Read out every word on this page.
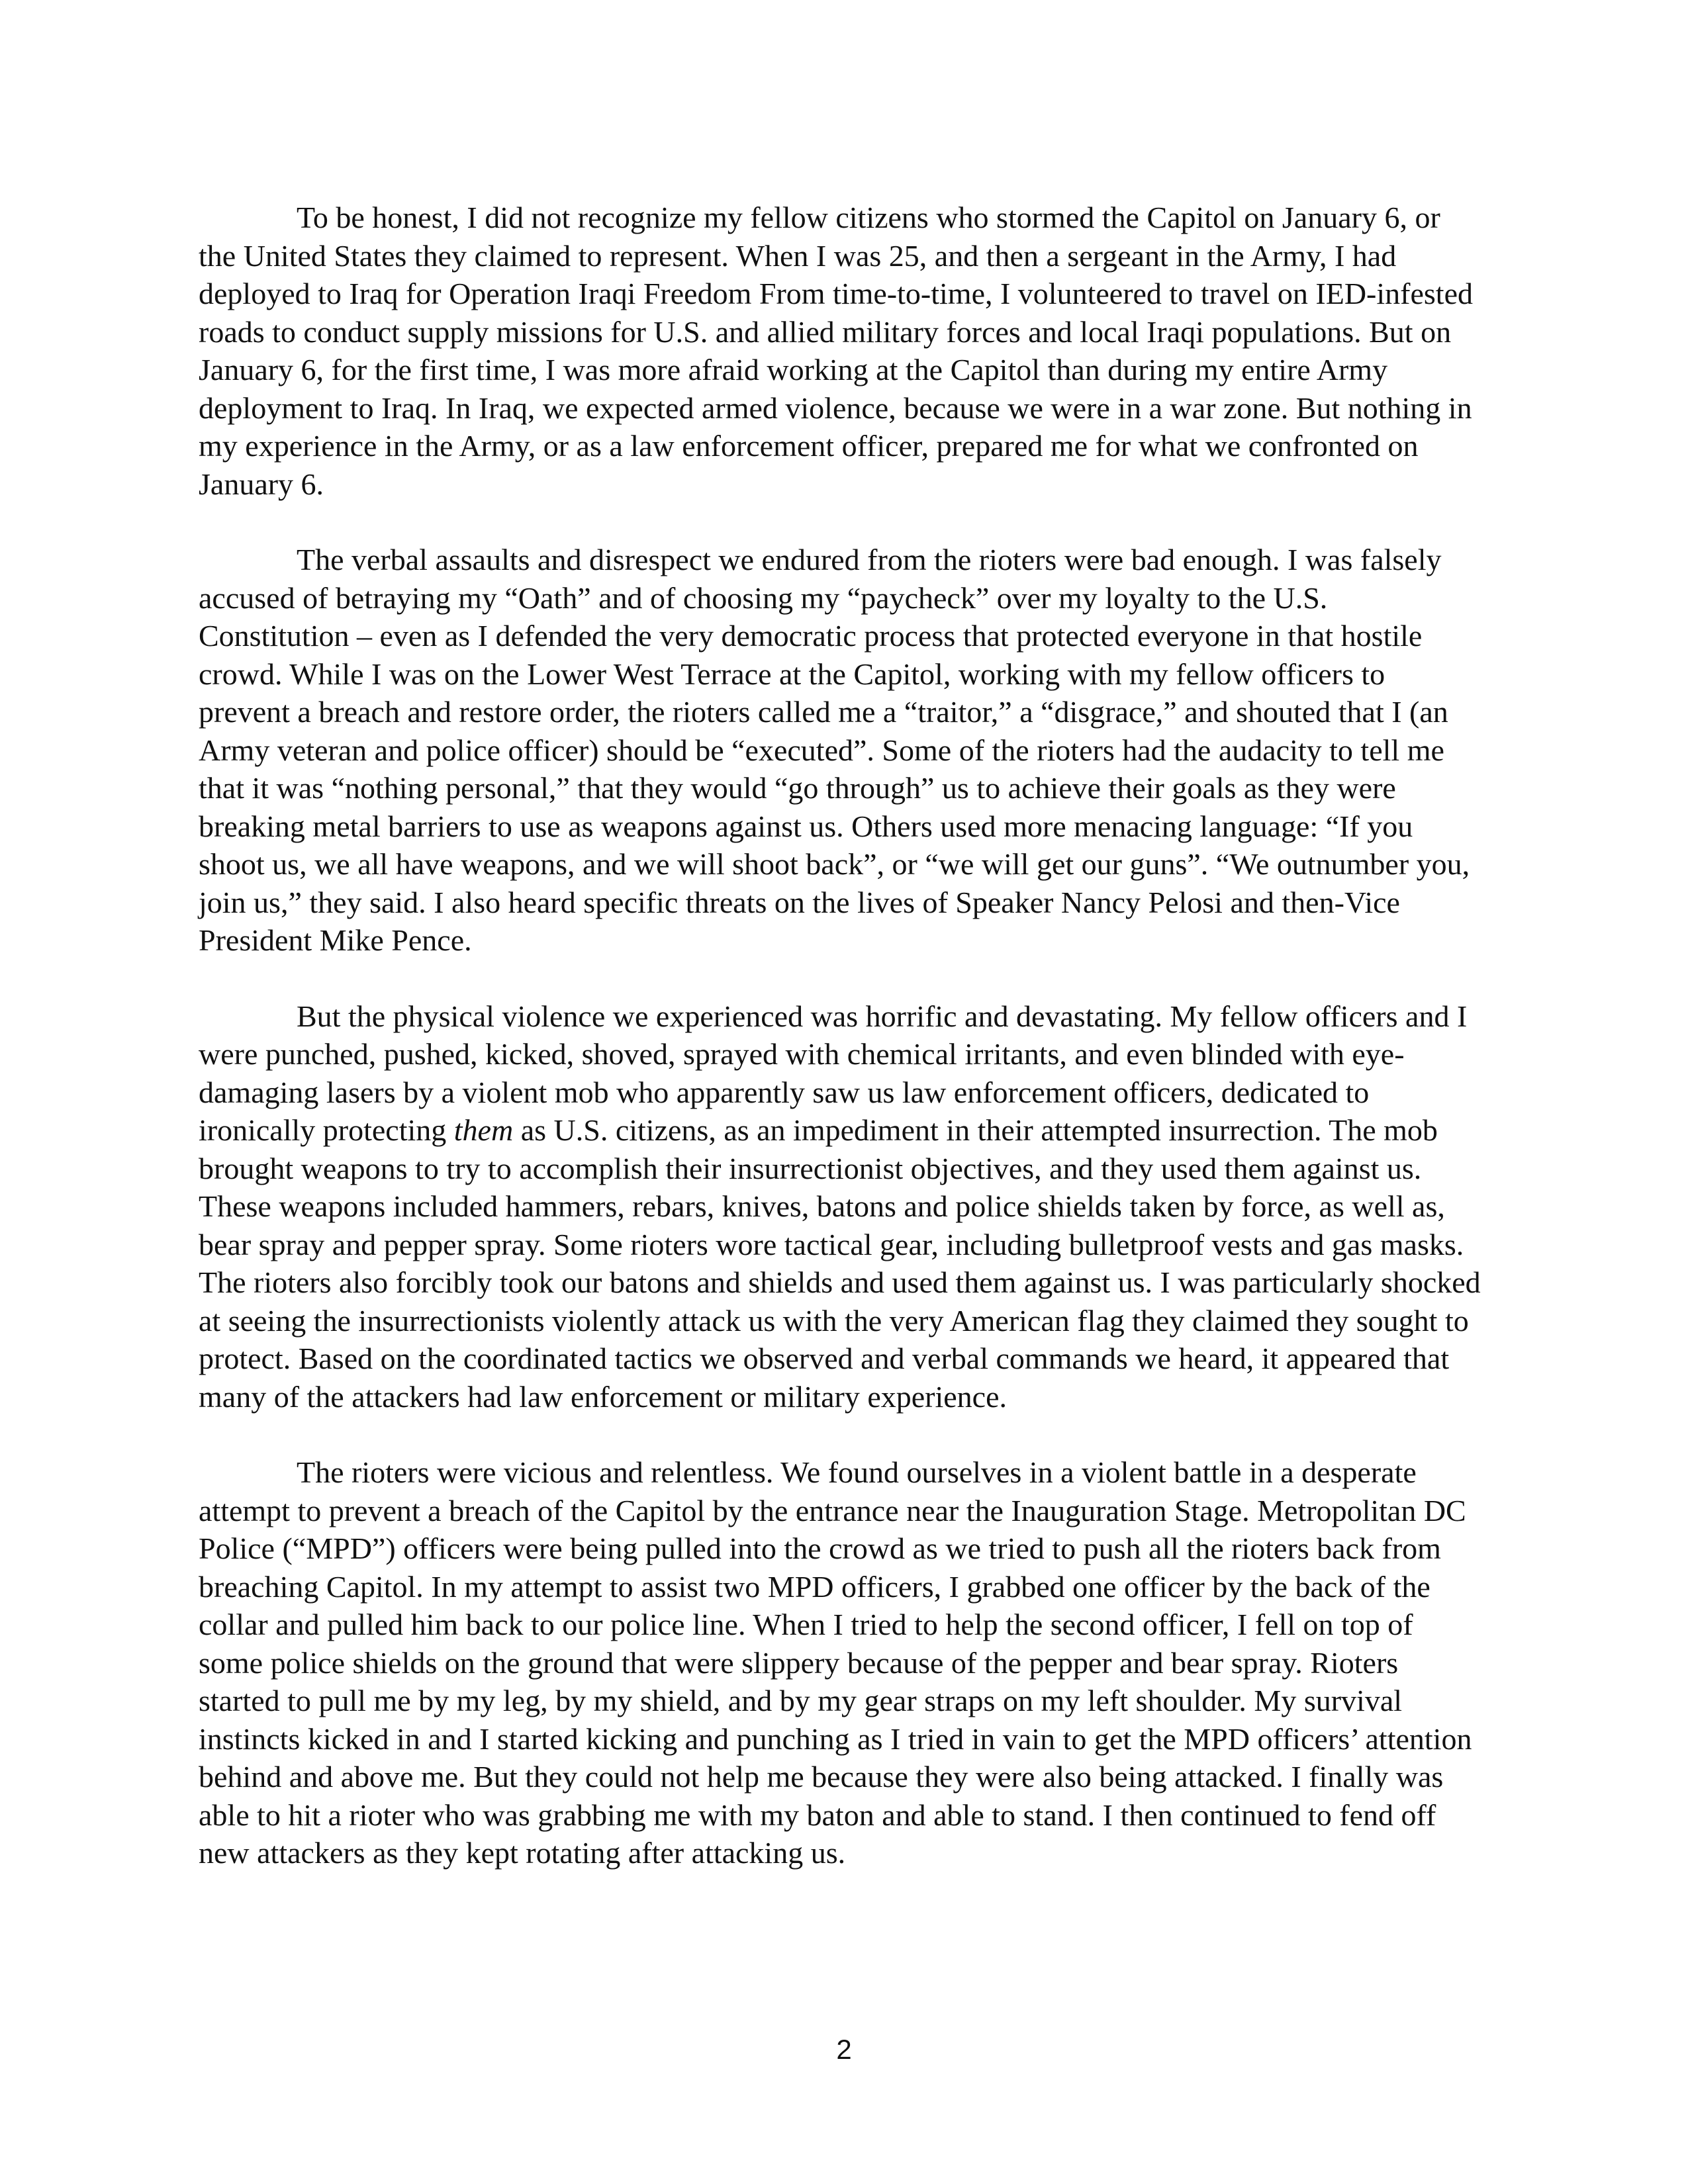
To be honest, I did not recognize my fellow citizens who stormed the Capitol on January 6, or the United States they claimed to represent. When I was 25, and then a sergeant in the Army, I had deployed to Iraq for Operation Iraqi Freedom From time-to-time, I volunteered to travel on IED-infested roads to conduct supply missions for U.S. and allied military forces and local Iraqi populations. But on January 6, for the first time, I was more afraid working at the Capitol than during my entire Army deployment to Iraq. In Iraq, we expected armed violence, because we were in a war zone. But nothing in my experience in the Army, or as a law enforcement officer, prepared me for what we confronted on January 6.

The verbal assaults and disrespect we endured from the rioters were bad enough. I was falsely accused of betraying my “Oath” and of choosing my “paycheck” over my loyalty to the U.S. Constitution – even as I defended the very democratic process that protected everyone in that hostile crowd. While I was on the Lower West Terrace at the Capitol, working with my fellow officers to prevent a breach and restore order, the rioters called me a “traitor,” a “disgrace,” and shouted that I (an Army veteran and police officer) should be “executed”. Some of the rioters had the audacity to tell me that it was “nothing personal,” that they would “go through” us to achieve their goals as they were breaking metal barriers to use as weapons against us. Others used more menacing language: “If you shoot us, we all have weapons, and we will shoot back”, or “we will get our guns”. “We outnumber you, join us,” they said. I also heard specific threats on the lives of Speaker Nancy Pelosi and then-Vice President Mike Pence.

But the physical violence we experienced was horrific and devastating. My fellow officers and I were punched, pushed, kicked, shoved, sprayed with chemical irritants, and even blinded with eye-damaging lasers by a violent mob who apparently saw us law enforcement officers, dedicated to ironically protecting them as U.S. citizens, as an impediment in their attempted insurrection. The mob brought weapons to try to accomplish their insurrectionist objectives, and they used them against us. These weapons included hammers, rebars, knives, batons and police shields taken by force, as well as, bear spray and pepper spray. Some rioters wore tactical gear, including bulletproof vests and gas masks. The rioters also forcibly took our batons and shields and used them against us. I was particularly shocked at seeing the insurrectionists violently attack us with the very American flag they claimed they sought to protect. Based on the coordinated tactics we observed and verbal commands we heard, it appeared that many of the attackers had law enforcement or military experience.

The rioters were vicious and relentless. We found ourselves in a violent battle in a desperate attempt to prevent a breach of the Capitol by the entrance near the Inauguration Stage. Metropolitan DC Police (“MPD”) officers were being pulled into the crowd as we tried to push all the rioters back from breaching Capitol. In my attempt to assist two MPD officers, I grabbed one officer by the back of the collar and pulled him back to our police line. When I tried to help the second officer, I fell on top of some police shields on the ground that were slippery because of the pepper and bear spray. Rioters started to pull me by my leg, by my shield, and by my gear straps on my left shoulder. My survival instincts kicked in and I started kicking and punching as I tried in vain to get the MPD officers’ attention behind and above me. But they could not help me because they were also being attacked. I finally was able to hit a rioter who was grabbing me with my baton and able to stand. I then continued to fend off new attackers as they kept rotating after attacking us.

2
